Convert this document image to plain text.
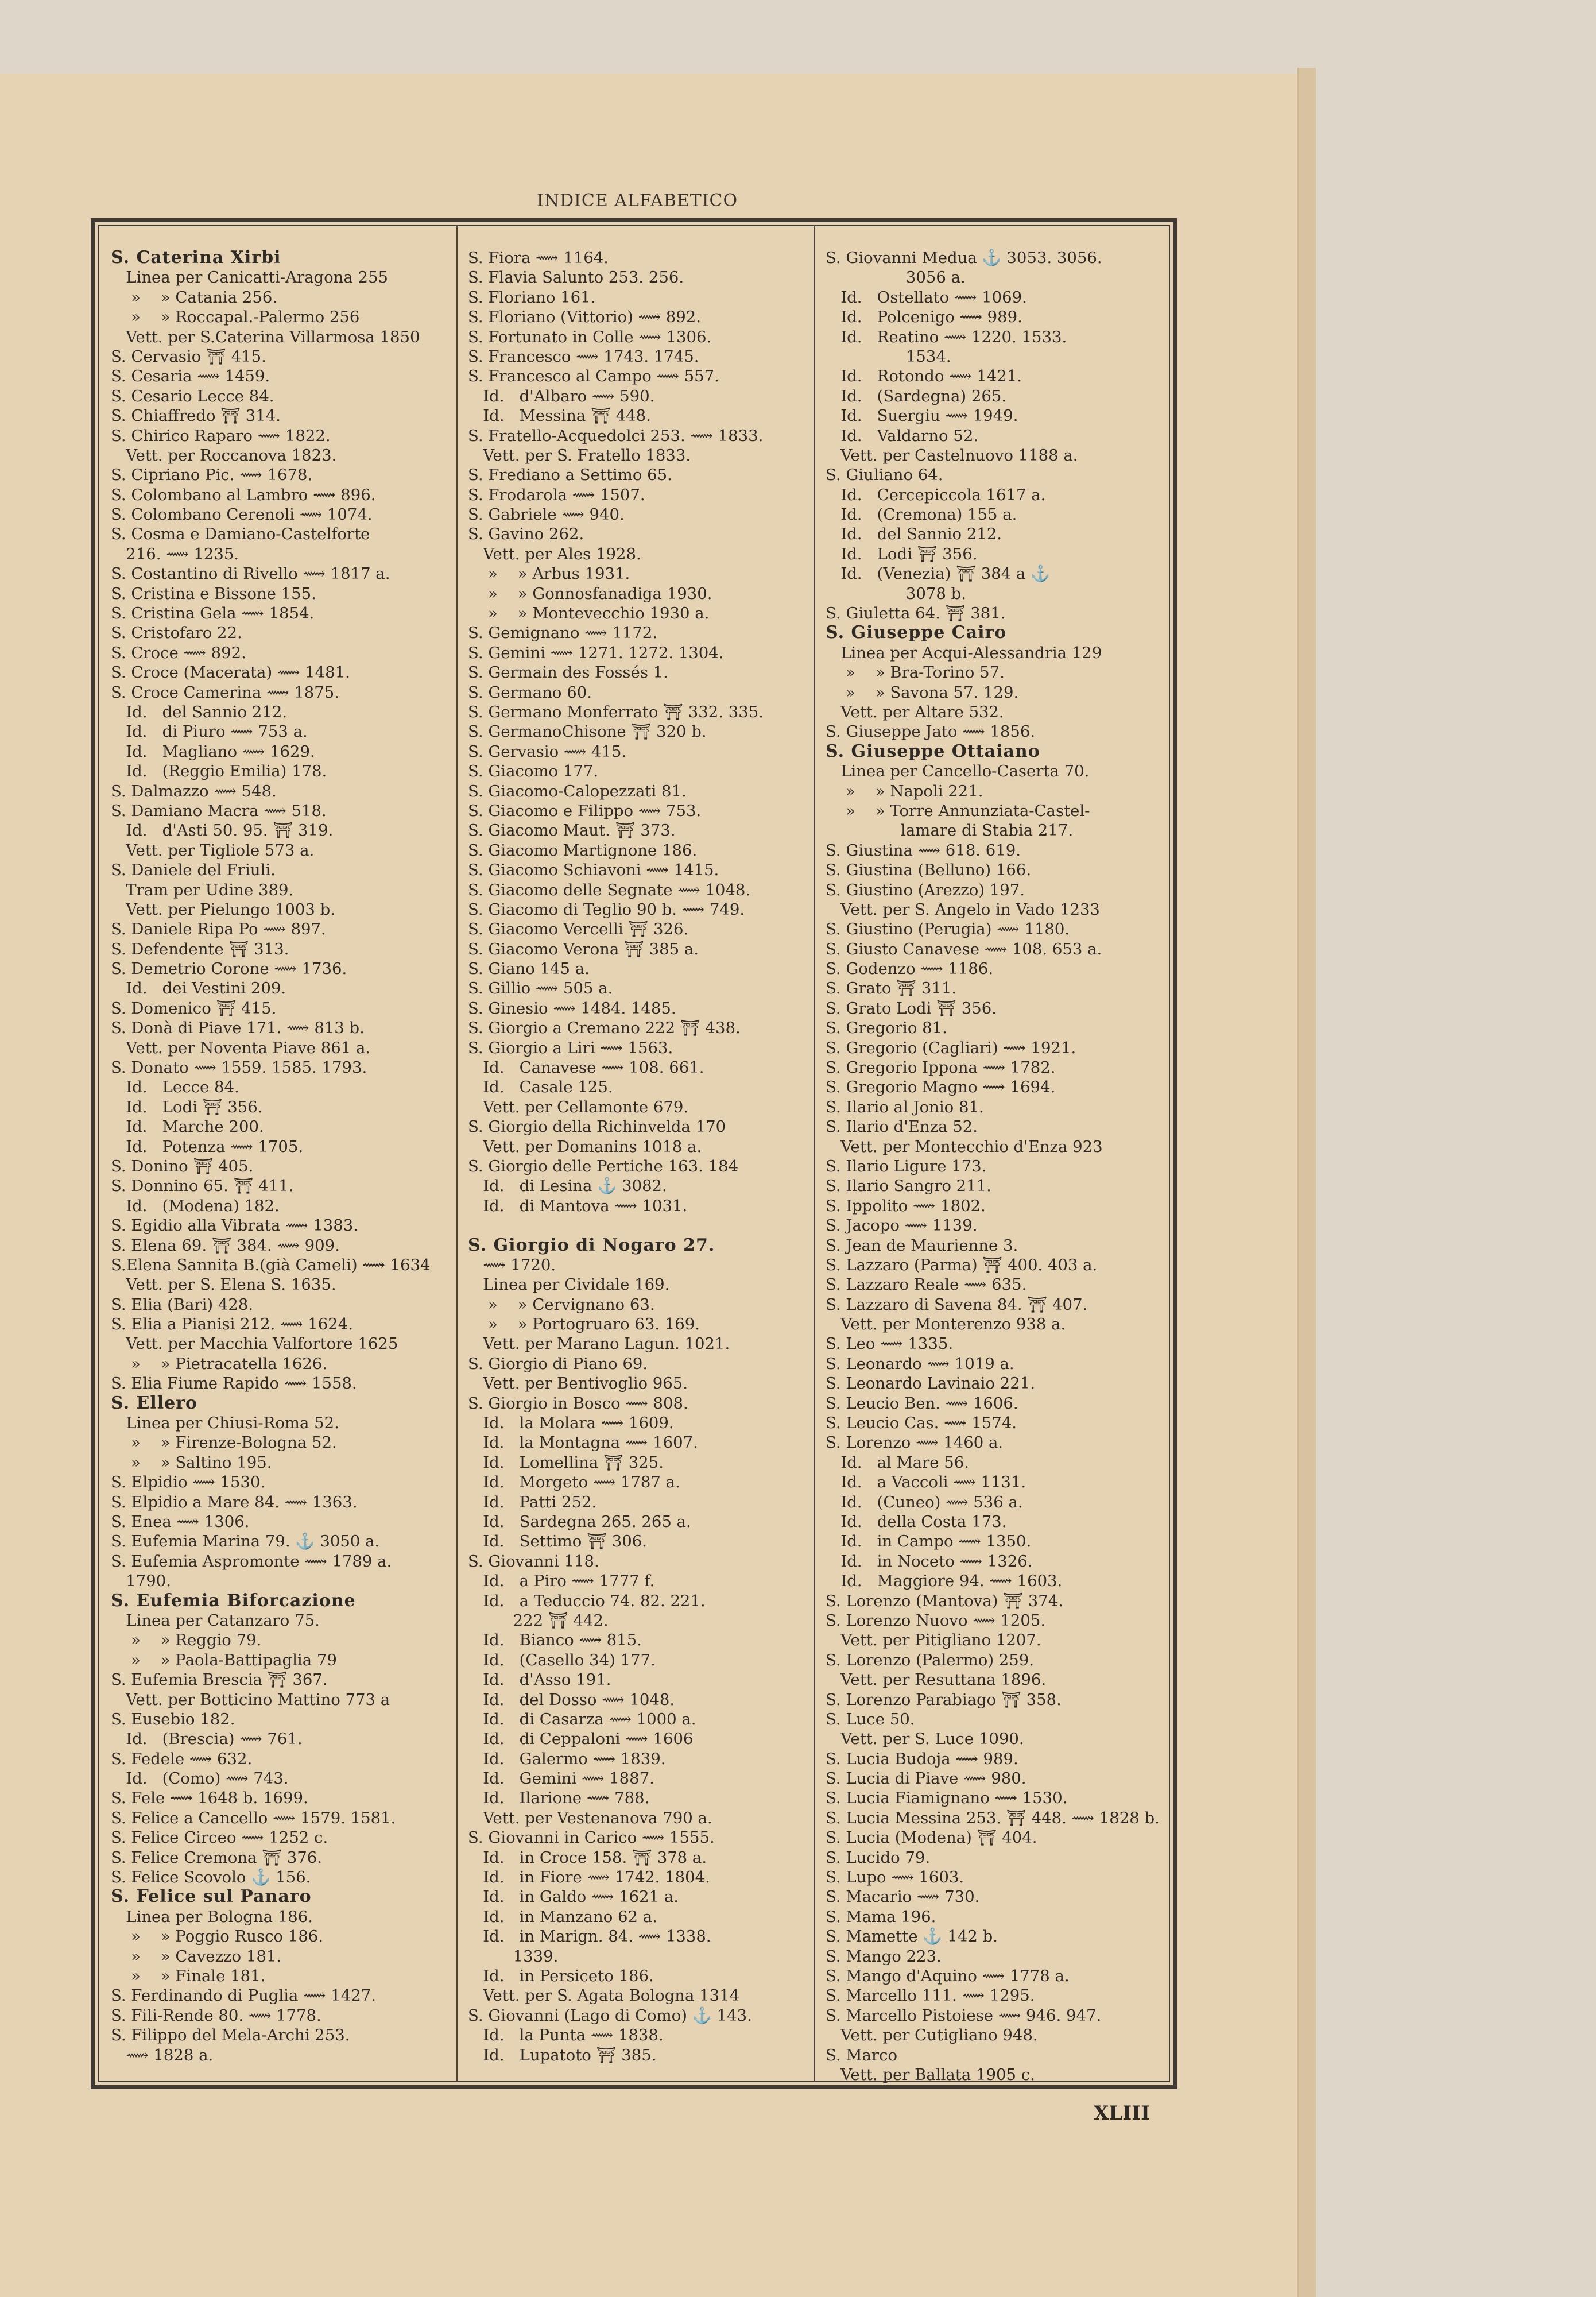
INDICE ALFABETICO
S. Caterina Xirbi
Linea per Canicatti-Aragona 255
»    » Catania 256.
»    » Roccapal.-Palermo 256
Vett. per S.Caterina Villarmosa 1850
S. Cervasio ⛩ 415.
S. Cesaria ⟿ 1459.
S. Cesario Lecce 84.
S. Chiaffredo ⛩ 314.
S. Chirico Raparo ⟿ 1822.
Vett. per Roccanova 1823.
S. Cipriano Pic. ⟿ 1678.
S. Colombano al Lambro ⟿ 896.
S. Colombano Cerenoli ⟿ 1074.
S. Cosma e Damiano-Castelforte
216. ⟿ 1235.
S. Costantino di Rivello ⟿ 1817 a.
S. Cristina e Bissone 155.
S. Cristina Gela ⟿ 1854.
S. Cristofaro 22.
S. Croce ⟿ 892.
S. Croce (Macerata) ⟿ 1481.
S. Croce Camerina ⟿ 1875.
Id.   del Sannio 212.
Id.   di Piuro ⟿ 753 a.
Id.   Magliano ⟿ 1629.
Id.   (Reggio Emilia) 178.
S. Dalmazzo ⟿ 548.
S. Damiano Macra ⟿ 518.
Id.   d'Asti 50. 95. ⛩ 319.
Vett. per Tigliole 573 a.
S. Daniele del Friuli.
Tram per Udine 389.
Vett. per Pielungo 1003 b.
S. Daniele Ripa Po ⟿ 897.
S. Defendente ⛩ 313.
S. Demetrio Corone ⟿ 1736.
Id.   dei Vestini 209.
S. Domenico ⛩ 415.
S. Donà di Piave 171. ⟿ 813 b.
Vett. per Noventa Piave 861 a.
S. Donato ⟿ 1559. 1585. 1793.
Id.   Lecce 84.
Id.   Lodi ⛩ 356.
Id.   Marche 200.
Id.   Potenza ⟿ 1705.
S. Donino ⛩ 405.
S. Donnino 65. ⛩ 411.
Id.   (Modena) 182.
S. Egidio alla Vibrata ⟿ 1383.
S. Elena 69. ⛩ 384. ⟿ 909.
S.Elena Sannita B.(già Cameli) ⟿ 1634
Vett. per S. Elena S. 1635.
S. Elia (Bari) 428.
S. Elia a Pianisi 212. ⟿ 1624.
Vett. per Macchia Valfortore 1625
»    » Pietracatella 1626.
S. Elia Fiume Rapido ⟿ 1558.
S. Ellero
Linea per Chiusi-Roma 52.
»    » Firenze-Bologna 52.
»    » Saltino 195.
S. Elpidio ⟿ 1530.
S. Elpidio a Mare 84. ⟿ 1363.
S. Enea ⟿ 1306.
S. Eufemia Marina 79. ⚓ 3050 a.
S. Eufemia Aspromonte ⟿ 1789 a.
1790.
S. Eufemia Biforcazione
Linea per Catanzaro 75.
»    » Reggio 79.
»    » Paola-Battipaglia 79
S. Eufemia Brescia ⛩ 367.
Vett. per Botticino Mattino 773 a
S. Eusebio 182.
Id.   (Brescia) ⟿ 761.
S. Fedele ⟿ 632.
Id.   (Como) ⟿ 743.
S. Fele ⟿ 1648 b. 1699.
S. Felice a Cancello ⟿ 1579. 1581.
S. Felice Circeo ⟿ 1252 c.
S. Felice Cremona ⛩ 376.
S. Felice Scovolo ⚓ 156.
S. Felice sul Panaro
Linea per Bologna 186.
»    » Poggio Rusco 186.
»    » Cavezzo 181.
»    » Finale 181.
S. Ferdinando di Puglia ⟿ 1427.
S. Fili-Rende 80. ⟿ 1778.
S. Filippo del Mela-Archi 253.
⟿ 1828 a.
S. Fiora ⟿ 1164.
S. Flavia Salunto 253. 256.
S. Floriano 161.
S. Floriano (Vittorio) ⟿ 892.
S. Fortunato in Colle ⟿ 1306.
S. Francesco ⟿ 1743. 1745.
S. Francesco al Campo ⟿ 557.
Id.   d'Albaro ⟿ 590.
Id.   Messina ⛩ 448.
S. Fratello-Acquedolci 253. ⟿ 1833.
Vett. per S. Fratello 1833.
S. Frediano a Settimo 65.
S. Frodarola ⟿ 1507.
S. Gabriele ⟿ 940.
S. Gavino 262.
Vett. per Ales 1928.
»    » Arbus 1931.
»    » Gonnosfanadiga 1930.
»    » Montevecchio 1930 a.
S. Gemignano ⟿ 1172.
S. Gemini ⟿ 1271. 1272. 1304.
S. Germain des Fossés 1.
S. Germano 60.
S. Germano Monferrato ⛩ 332. 335.
S. GermanoChisone ⛩ 320 b.
S. Gervasio ⟿ 415.
S. Giacomo 177.
S. Giacomo-Calopezzati 81.
S. Giacomo e Filippo ⟿ 753.
S. Giacomo Maut. ⛩ 373.
S. Giacomo Martignone 186.
S. Giacomo Schiavoni ⟿ 1415.
S. Giacomo delle Segnate ⟿ 1048.
S. Giacomo di Teglio 90 b. ⟿ 749.
S. Giacomo Vercelli ⛩ 326.
S. Giacomo Verona ⛩ 385 a.
S. Giano 145 a.
S. Gillio ⟿ 505 a.
S. Ginesio ⟿ 1484. 1485.
S. Giorgio a Cremano 222 ⛩ 438.
S. Giorgio a Liri ⟿ 1563.
Id.   Canavese ⟿ 108. 661.
Id.   Casale 125.
Vett. per Cellamonte 679.
S. Giorgio della Richinvelda 170
Vett. per Domanins 1018 a.
S. Giorgio delle Pertiche 163. 184
Id.   di Lesina ⚓ 3082.
Id.   di Mantova ⟿ 1031.
S. Giorgio di Nogaro 27.
⟿ 1720.
Linea per Cividale 169.
»    » Cervignano 63.
»    » Portogruaro 63. 169.
Vett. per Marano Lagun. 1021.
S. Giorgio di Piano 69.
Vett. per Bentivoglio 965.
S. Giorgio in Bosco ⟿ 808.
Id.   la Molara ⟿ 1609.
Id.   la Montagna ⟿ 1607.
Id.   Lomellina ⛩ 325.
Id.   Morgeto ⟿ 1787 a.
Id.   Patti 252.
Id.   Sardegna 265. 265 a.
Id.   Settimo ⛩ 306.
S. Giovanni 118.
Id.   a Piro ⟿ 1777 f.
Id.   a Teduccio 74. 82. 221.
222 ⛩ 442.
Id.   Bianco ⟿ 815.
Id.   (Casello 34) 177.
Id.   d'Asso 191.
Id.   del Dosso ⟿ 1048.
Id.   di Casarza ⟿ 1000 a.
Id.   di Ceppaloni ⟿ 1606
Id.   Galermo ⟿ 1839.
Id.   Gemini ⟿ 1887.
Id.   Ilarione ⟿ 788.
Vett. per Vestenanova 790 a.
S. Giovanni in Carico ⟿ 1555.
Id.   in Croce 158. ⛩ 378 a.
Id.   in Fiore ⟿ 1742. 1804.
Id.   in Galdo ⟿ 1621 a.
Id.   in Manzano 62 a.
Id.   in Marign. 84. ⟿ 1338.
1339.
Id.   in Persiceto 186.
Vett. per S. Agata Bologna 1314
S. Giovanni (Lago di Como) ⚓ 143.
Id.   la Punta ⟿ 1838.
Id.   Lupatoto ⛩ 385.
S. Giovanni Medua ⚓ 3053. 3056.
3056 a.
Id.   Ostellato ⟿ 1069.
Id.   Polcenigo ⟿ 989.
Id.   Reatino ⟿ 1220. 1533.
1534.
Id.   Rotondo ⟿ 1421.
Id.   (Sardegna) 265.
Id.   Suergiu ⟿ 1949.
Id.   Valdarno 52.
Vett. per Castelnuovo 1188 a.
S. Giuliano 64.
Id.   Cercepiccola 1617 a.
Id.   (Cremona) 155 a.
Id.   del Sannio 212.
Id.   Lodi ⛩ 356.
Id.   (Venezia) ⛩ 384 a ⚓
3078 b.
S. Giuletta 64. ⛩ 381.
S. Giuseppe Cairo
Linea per Acqui-Alessandria 129
»    » Bra-Torino 57.
»    » Savona 57. 129.
Vett. per Altare 532.
S. Giuseppe Jato ⟿ 1856.
S. Giuseppe Ottaiano
Linea per Cancello-Caserta 70.
»    » Napoli 221.
»    » Torre Annunziata-Castel-
lamare di Stabia 217.
S. Giustina ⟿ 618. 619.
S. Giustina (Belluno) 166.
S. Giustino (Arezzo) 197.
Vett. per S. Angelo in Vado 1233
S. Giustino (Perugia) ⟿ 1180.
S. Giusto Canavese ⟿ 108. 653 a.
S. Godenzo ⟿ 1186.
S. Grato ⛩ 311.
S. Grato Lodi ⛩ 356.
S. Gregorio 81.
S. Gregorio (Cagliari) ⟿ 1921.
S. Gregorio Ippona ⟿ 1782.
S. Gregorio Magno ⟿ 1694.
S. Ilario al Jonio 81.
S. Ilario d'Enza 52.
Vett. per Montecchio d'Enza 923
S. Ilario Ligure 173.
S. Ilario Sangro 211.
S. Ippolito ⟿ 1802.
S. Jacopo ⟿ 1139.
S. Jean de Maurienne 3.
S. Lazzaro (Parma) ⛩ 400. 403 a.
S. Lazzaro Reale ⟿ 635.
S. Lazzaro di Savena 84. ⛩ 407.
Vett. per Monterenzo 938 a.
S. Leo ⟿ 1335.
S. Leonardo ⟿ 1019 a.
S. Leonardo Lavinaio 221.
S. Leucio Ben. ⟿ 1606.
S. Leucio Cas. ⟿ 1574.
S. Lorenzo ⟿ 1460 a.
Id.   al Mare 56.
Id.   a Vaccoli ⟿ 1131.
Id.   (Cuneo) ⟿ 536 a.
Id.   della Costa 173.
Id.   in Campo ⟿ 1350.
Id.   in Noceto ⟿ 1326.
Id.   Maggiore 94. ⟿ 1603.
S. Lorenzo (Mantova) ⛩ 374.
S. Lorenzo Nuovo ⟿ 1205.
Vett. per Pitigliano 1207.
S. Lorenzo (Palermo) 259.
Vett. per Resuttana 1896.
S. Lorenzo Parabiago ⛩ 358.
S. Luce 50.
Vett. per S. Luce 1090.
S. Lucia Budoja ⟿ 989.
S. Lucia di Piave ⟿ 980.
S. Lucia Fiamignano ⟿ 1530.
S. Lucia Messina 253. ⛩ 448. ⟿ 1828 b.
S. Lucia (Modena) ⛩ 404.
S. Lucido 79.
S. Lupo ⟿ 1603.
S. Macario ⟿ 730.
S. Mama 196.
S. Mamette ⚓ 142 b.
S. Mango 223.
S. Mango d'Aquino ⟿ 1778 a.
S. Marcello 111. ⟿ 1295.
S. Marcello Pistoiese ⟿ 946. 947.
Vett. per Cutigliano 948.
S. Marco
Vett. per Ballata 1905 c.
XLIII
